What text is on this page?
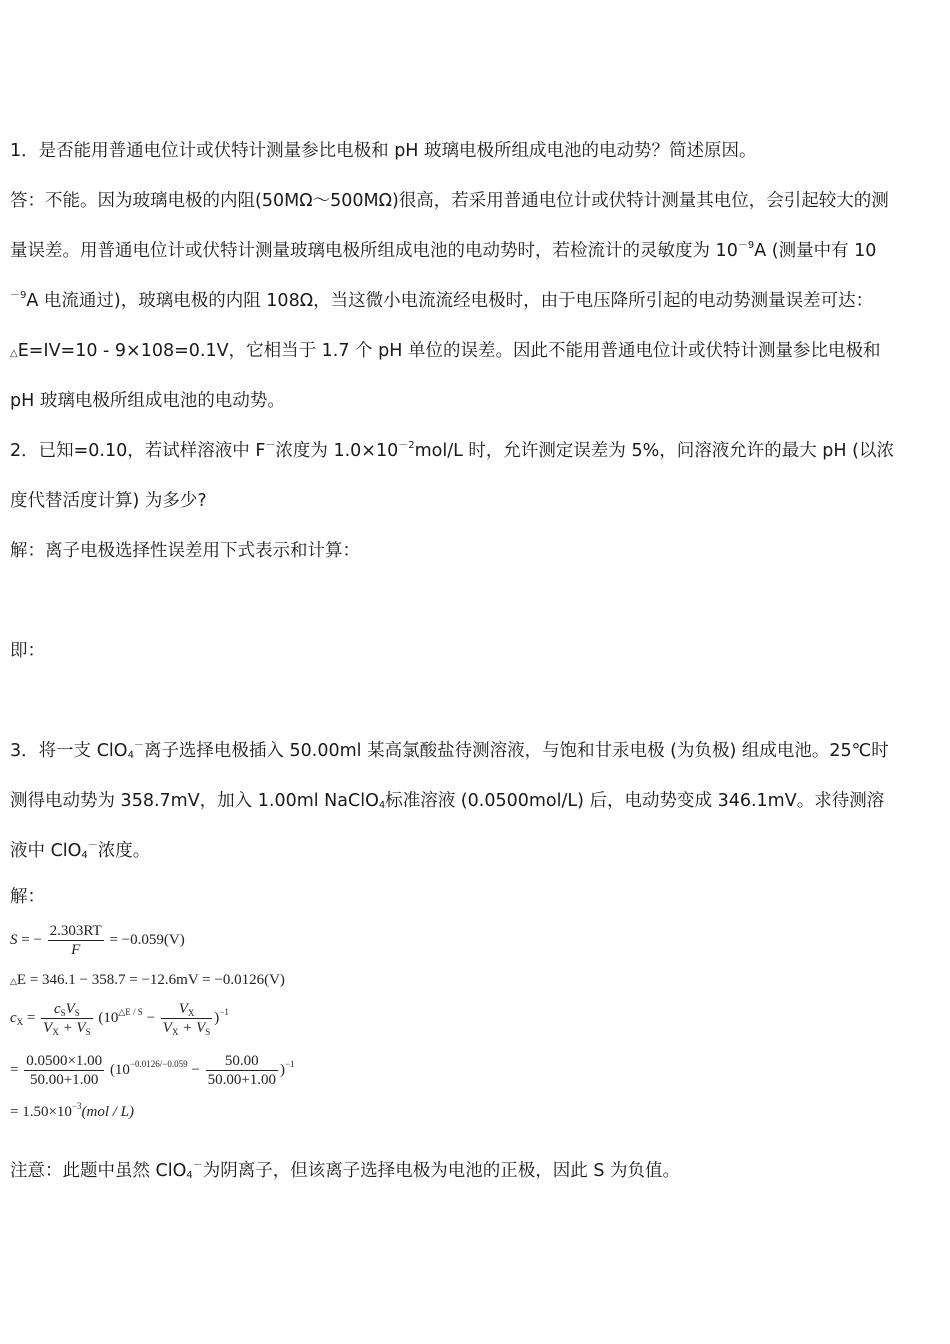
1．是否能用普通电位计或伏特计测量参比电极和 pH 玻璃电极所组成电池的电动势？简述原因。
答：不能。因为玻璃电极的内阻(50MΩ～500MΩ)很高，若采用普通电位计或伏特计测量其电位，会引起较大的测
量误差。用普通电位计或伏特计测量玻璃电极所组成电池的电动势时，若检流计的灵敏度为 $10^{-9}A$ (测量中有 10
$^{-9}$A 电流通过)，玻璃电极的内阻 108Ω，当这微小电流流经电极时，由于电压降所引起的电动势测量误差可达：
△E=IV=10 - 9×108=0.1V，它相当于 1.7 个 pH 单位的误差。因此不能用普通电位计或伏特计测量参比电极和
pH 玻璃电极所组成电池的电动势。
2．已知=0.10，若试样溶液中 F－浓度为 $1.0\times 10^{-2}mol/L$ 时，允许测定误差为 5%，问溶液允许的最大 pH (以浓
度代替活度计算) 为多少?
解：离子电极选择性误差用下式表示和计算：
即：
3．将一支 ClO$_4$－离子选择电极插入 50.00ml 某高氯酸盐待测溶液，与饱和甘汞电极 (为负极) 组成电池。25℃时
测得电动势为 358.7mV，加入 1.00ml NaClO$_4$标准溶液 (0.0500mol/L) 后，电动势变成 346.1mV。求待测溶
液中 ClO$_4$－浓度。
解：
S = − $\frac{2.303RT}{F} = -0.059(V)$
△E = 346.1 − 358.7 = −12.6mV = −0.0126(V)
$c_X = \frac{c_SV_S}{V_X + V_S} (10^{\triangle E / S} - \frac{V_X}{V_X + V_S} )^{-1}$
= $\frac{0.0500\times 1.00}{50.00+1.00} (10^{-0.0126/-0.059} - \frac{50.00}{50.00+1.00} )^{-1}$
= $1.50\times 10^{-3}(mol / L)$
注意：此题中虽然 ClO$_4$－为阴离子，但该离子选择电极为电池的正极，因此 S 为负值。
